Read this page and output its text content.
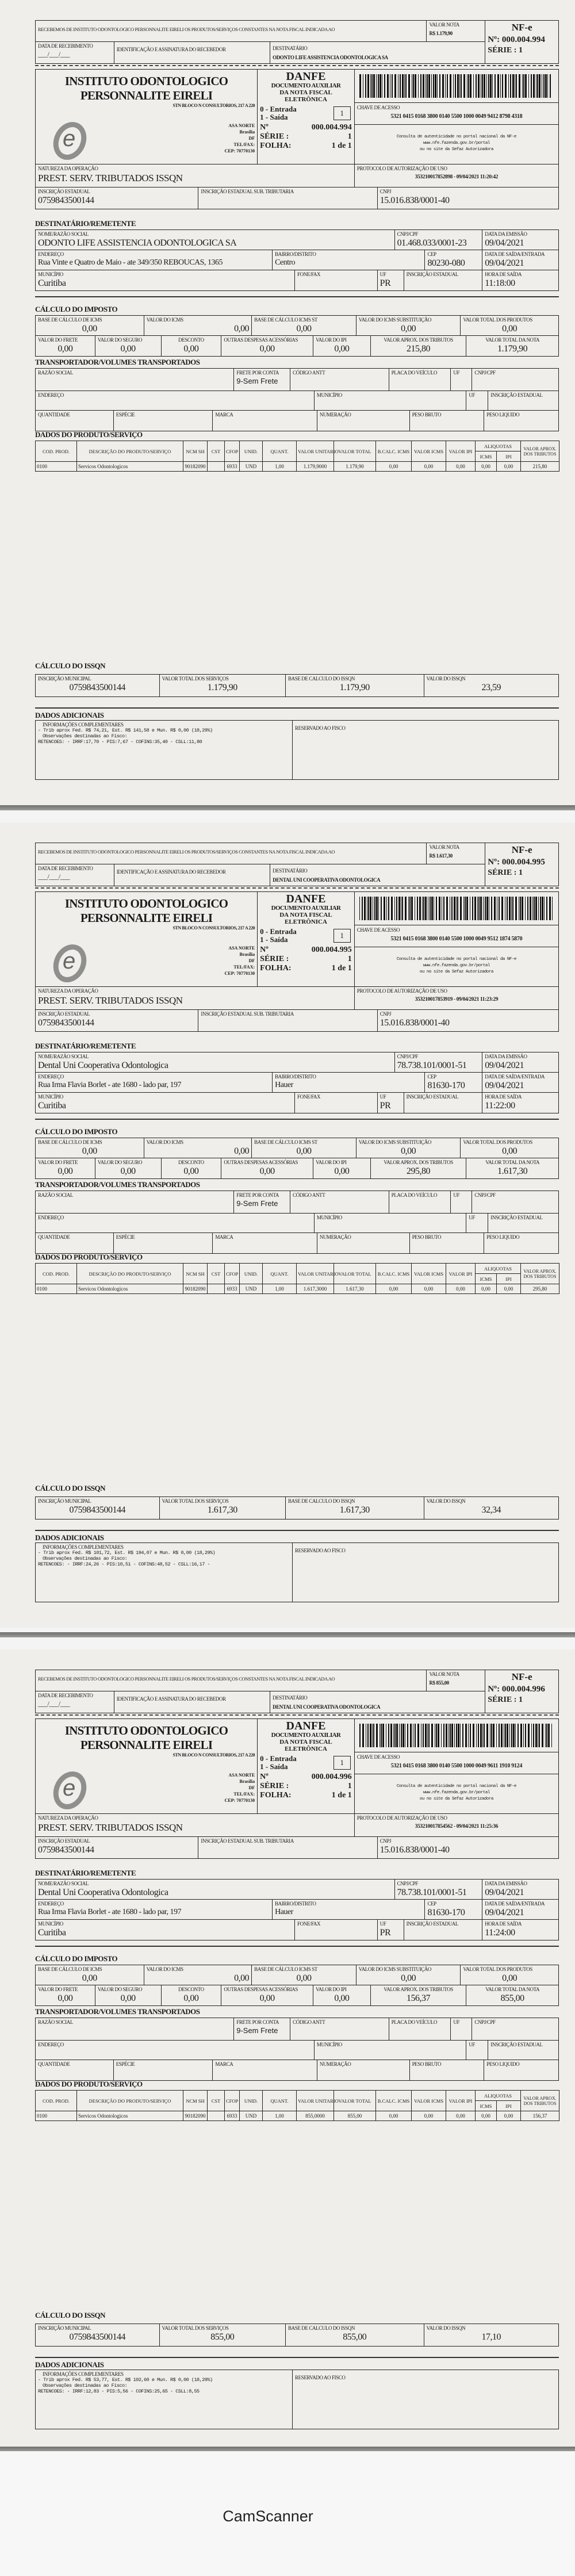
RECEBEMOS DE INSTITUTO ODONTOLOGICO PERSONNALITE EIRELI OS PRODUTOS/SERVIÇOS CONSTANTES NA NOTA FISCAL INDICADA AO
VALOR NOTA
R$ 1.179,90
NF-e
DATA DE RECEBIMENTO
___/___/___
IDENTIFICAÇÃO E ASSINATURA DO RECEBEDOR	DESTINATÁRIO
ODONTO LIFE ASSISTENCIA ODONTOLOGICA SA
Nº: 000.004.994
SÉRIE : 1
INSTITUTO ODONTOLOGICO
PERSONNALITE EIRELI
STN BLOCO N CONSULTORIOS, 217 A 220
e
ASA NORTE
Brasilia
DF
TEL/FAX:
CEP: 70770130
DANFE
DOCUMENTO AUXILIAR
DA NOTA FISCAL
ELETRÔNICA
0 - Entrada
1 - Saída	1
Nº	000.004.994
SÉRIE :	1
FOLHA:	1 de 1
CHAVE DE ACESSO
5321 0415 0168 3800 0140 5500 1000 0049 9412 8798 4318
Consulta de autenticidade no portal nacional da NF-e
www.nfe.fazenda.gov.br/portal
ou no site da Sefaz Autorizadora
NATUREZA DA OPERAÇÃO
PREST. SERV. TRIBUTADOS ISSQN
PROTOCOLO DE AUTORIZAÇÃO DE USO
353210017852898 - 09/04/2021 11:20:42
INSCRIÇÃO ESTADUAL
0759843500144
INSCRIÇÃO ESTADUAL SUB. TRIBUTARIA	CNPJ
15.016.838/0001-40
DESTINATÁRIO/REMETENTE
NOME/RAZÃO SOCIAL
ODONTO LIFE ASSISTENCIA ODONTOLOGICA SA
CNPJ/CPF
01.468.033/0001-23
DATA DA EMISSÃO
09/04/2021
ENDEREÇO
Rua Vinte e Quatro de Maio - ate 349/350 REBOUCAS, 1365
BAIRRO/DISTRITO
Centro
CEP
80230-080
DATA DE SAÍDA/ENTRADA
09/04/2021
MUNICÍPIO
Curitiba
FONE/FAX	UF
PR
INSCRIÇÃO ESTADUAL	HORA DE SAÍDA
11:18:00
CÁLCULO DO IMPOSTO
BASE DE CÁLCULO DE ICMS
0,00
VALOR DO ICMS
0,00
BASE DE CÁLCULO ICMS ST
0,00
VALOR DO ICMS SUBSTITUIÇÃO
0,00
VALOR TOTAL DOS PRODUTOS
0,00
VALOR DO FRETE
0,00
VALOR DO SEGURO
0,00
DESCONTO
0,00
OUTRAS DESPESAS ACESSÓRIAS
0,00
VALOR DO IPI
0,00
VALOR APROX. DOS TRIBUTOS
215,80
VALOR TOTAL DA NOTA
1.179,90
TRANSPORTADOR/VOLUMES TRANSPORTADOS
RAZÃO SOCIAL	FRETE POR CONTA
9-Sem Frete
CÓDIGO ANTT	PLACA DO VEÍCULO	UF	CNPJ/CPF
ENDEREÇO	MUNICÍPIO	UF	INSCRIÇÃO ESTADUAL
QUANTIDADE	ESPÉCIE	MARCA	NUMERAÇÃO	PESO BRUTO	PESO LIQUIDO
DADOS DO PRODUTO/SERVIÇO
COD. PROD.	DESCRIÇÃO DO PRODUTO/SERVIÇO	NCM SH	CST	CFOP	UNID.	QUANT.	VALOR UNITARIO	VALOR TOTAL	B.CALC. ICMS	VALOR ICMS	VALOR IPI	ALIQUOTAS		VALOR APROX. DOS TRIBUTOS
												ICMS	IPI	
0100	Servicos Odontologicos	90182090		6933	UND	1,00	1.179,9000	1.179,90	0,00	0,00	0,00	0,00	0,00	215,80
CÁLCULO DO ISSQN
INSCRIÇÃO MUNICIPAL
0759843500144
VALOR TOTAL DOS SERVIÇOS
1.179,90
BASE DE CALCULO DO ISSQN
1.179,90
VALOR DO ISSQN
23,59
DADOS ADICIONAIS
INFORMAÇÕES COMPLEMENTARES
- Trib aprox Fed. R$ 74,21, Est. R$ 141,58 e Mun. R$ 0,00 (18,29%)
Observações destinadas ao Fisco:
RETENCOES: - IRRF:17,70 - PIS:7,67 - COFINS:35,40 - CSLL:11,80
RESERVADO AO FISCO
RECEBEMOS DE INSTITUTO ODONTOLOGICO PERSONNALITE EIRELI OS PRODUTOS/SERVIÇOS CONSTANTES NA NOTA FISCAL INDICADA AO
VALOR NOTA
R$ 1.617,30
NF-e
DATA DE RECEBIMENTO
___/___/___
IDENTIFICAÇÃO E ASSINATURA DO RECEBEDOR	DESTINATÁRIO
DENTAL UNI COOPERATIVA ODONTOLOGICA
Nº: 000.004.995
SÉRIE : 1
INSTITUTO ODONTOLOGICO
PERSONNALITE EIRELI
STN BLOCO N CONSULTORIOS, 217 A 220
e
ASA NORTE
Brasilia
DF
TEL/FAX:
CEP: 70770130
DANFE
DOCUMENTO AUXILIAR
DA NOTA FISCAL
ELETRÔNICA
0 - Entrada
1 - Saída	1
Nº	000.004.995
SÉRIE :	1
FOLHA:	1 de 1
CHAVE DE ACESSO
5321 0415 0168 3800 0140 5500 1000 0049 9512 1874 5870
Consulta de autenticidade no portal nacional da NF-e
www.nfe.fazenda.gov.br/portal
ou no site da Sefaz Autorizadora
NATUREZA DA OPERAÇÃO
PREST. SERV. TRIBUTADOS ISSQN
PROTOCOLO DE AUTORIZAÇÃO DE USO
353210017853919 - 09/04/2021 11:23:29
INSCRIÇÃO ESTADUAL
0759843500144
INSCRIÇÃO ESTADUAL SUB. TRIBUTARIA	CNPJ
15.016.838/0001-40
DESTINATÁRIO/REMETENTE
NOME/RAZÃO SOCIAL
Dental Uni Cooperativa Odontologica
CNPJ/CPF
78.738.101/0001-51
DATA DA EMISSÃO
09/04/2021
ENDEREÇO
Rua Irma Flavia Borlet - ate 1680 - lado par, 197
BAIRRO/DISTRITO
Hauer
CEP
81630-170
DATA DE SAÍDA/ENTRADA
09/04/2021
MUNICÍPIO
Curitiba
FONE/FAX	UF
PR
INSCRIÇÃO ESTADUAL	HORA DE SAÍDA
11:22:00
CÁLCULO DO IMPOSTO
BASE DE CÁLCULO DE ICMS
0,00
VALOR DO ICMS
0,00
BASE DE CÁLCULO ICMS ST
0,00
VALOR DO ICMS SUBSTITUIÇÃO
0,00
VALOR TOTAL DOS PRODUTOS
0,00
VALOR DO FRETE
0,00
VALOR DO SEGURO
0,00
DESCONTO
0,00
OUTRAS DESPESAS ACESSÓRIAS
0,00
VALOR DO IPI
0,00
VALOR APROX. DOS TRIBUTOS
295,80
VALOR TOTAL DA NOTA
1.617,30
TRANSPORTADOR/VOLUMES TRANSPORTADOS
RAZÃO SOCIAL	FRETE POR CONTA
9-Sem Frete
CÓDIGO ANTT	PLACA DO VEÍCULO	UF	CNPJ/CPF
ENDEREÇO	MUNICÍPIO	UF	INSCRIÇÃO ESTADUAL
QUANTIDADE	ESPÉCIE	MARCA	NUMERAÇÃO	PESO BRUTO	PESO LIQUIDO
DADOS DO PRODUTO/SERVIÇO
COD. PROD.	DESCRIÇÃO DO PRODUTO/SERVIÇO	NCM SH	CST	CFOP	UNID.	QUANT.	VALOR UNITARIO	VALOR TOTAL	B.CALC. ICMS	VALOR ICMS	VALOR IPI	ALIQUOTAS		VALOR APROX. DOS TRIBUTOS
												ICMS	IPI	
0100	Servicos Odontologicos	90182090		6933	UND	1,00	1.617,3000	1.617,30	0,00	0,00	0,00	0,00	0,00	295,80
CÁLCULO DO ISSQN
INSCRIÇÃO MUNICIPAL
0759843500144
VALOR TOTAL DOS SERVIÇOS
1.617,30
BASE DE CALCULO DO ISSQN
1.617,30
VALOR DO ISSQN
32,34
DADOS ADICIONAIS
INFORMAÇÕES COMPLEMENTARES
- Trib aprox Fed. R$ 101,72, Est. R$ 194,07 e Mun. R$ 0,00 (18,29%)
Observações destinadas ao Fisco:
RETENCOES: - IRRF:24,26 - PIS:10,51 - COFINS:48,52 - CSLL:16,17 -
RESERVADO AO FISCO
RECEBEMOS DE INSTITUTO ODONTOLOGICO PERSONNALITE EIRELI OS PRODUTOS/SERVIÇOS CONSTANTES NA NOTA FISCAL INDICADA AO
VALOR NOTA
R$ 855,00
NF-e
DATA DE RECEBIMENTO
___/___/___
IDENTIFICAÇÃO E ASSINATURA DO RECEBEDOR	DESTINATÁRIO
DENTAL UNI COOPERATIVA ODONTOLOGICA
Nº: 000.004.996
SÉRIE : 1
INSTITUTO ODONTOLOGICO
PERSONNALITE EIRELI
STN BLOCO N CONSULTORIOS, 217 A 220
e
ASA NORTE
Brasilia
DF
TEL/FAX:
CEP: 70770130
DANFE
DOCUMENTO AUXILIAR
DA NOTA FISCAL
ELETRÔNICA
0 - Entrada
1 - Saída	1
Nº	000.004.996
SÉRIE :	1
FOLHA:	1 de 1
CHAVE DE ACESSO
5321 0415 0168 3800 0140 5500 1000 0049 9611 1910 9124
Consulta de autenticidade no portal nacional da NF-e
www.nfe.fazenda.gov.br/portal
ou no site da Sefaz Autorizadora
NATUREZA DA OPERAÇÃO
PREST. SERV. TRIBUTADOS ISSQN
PROTOCOLO DE AUTORIZAÇÃO DE USO
353210017854562 - 09/04/2021 11:25:36
INSCRIÇÃO ESTADUAL
0759843500144
INSCRIÇÃO ESTADUAL SUB. TRIBUTARIA	CNPJ
15.016.838/0001-40
DESTINATÁRIO/REMETENTE
NOME/RAZÃO SOCIAL
Dental Uni Cooperativa Odontologica
CNPJ/CPF
78.738.101/0001-51
DATA DA EMISSÃO
09/04/2021
ENDEREÇO
Rua Irma Flavia Borlet - ate 1680 - lado par, 197
BAIRRO/DISTRITO
Hauer
CEP
81630-170
DATA DE SAÍDA/ENTRADA
09/04/2021
MUNICÍPIO
Curitiba
FONE/FAX	UF
PR
INSCRIÇÃO ESTADUAL	HORA DE SAÍDA
11:24:00
CÁLCULO DO IMPOSTO
BASE DE CÁLCULO DE ICMS
0,00
VALOR DO ICMS
0,00
BASE DE CÁLCULO ICMS ST
0,00
VALOR DO ICMS SUBSTITUIÇÃO
0,00
VALOR TOTAL DOS PRODUTOS
0,00
VALOR DO FRETE
0,00
VALOR DO SEGURO
0,00
DESCONTO
0,00
OUTRAS DESPESAS ACESSÓRIAS
0,00
VALOR DO IPI
0,00
VALOR APROX. DOS TRIBUTOS
156,37
VALOR TOTAL DA NOTA
855,00
TRANSPORTADOR/VOLUMES TRANSPORTADOS
RAZÃO SOCIAL	FRETE POR CONTA
9-Sem Frete
CÓDIGO ANTT	PLACA DO VEÍCULO	UF	CNPJ/CPF
ENDEREÇO	MUNICÍPIO	UF	INSCRIÇÃO ESTADUAL
QUANTIDADE	ESPÉCIE	MARCA	NUMERAÇÃO	PESO BRUTO	PESO LIQUIDO
DADOS DO PRODUTO/SERVIÇO
COD. PROD.	DESCRIÇÃO DO PRODUTO/SERVIÇO	NCM SH	CST	CFOP	UNID.	QUANT.	VALOR UNITARIO	VALOR TOTAL	B.CALC. ICMS	VALOR ICMS	VALOR IPI	ALIQUOTAS		VALOR APROX. DOS TRIBUTOS
												ICMS	IPI	
0100	Servicos Odontologicos	90182090		6933	UND	1,00	855,0000	855,00	0,00	0,00	0,00	0,00	0,00	156,37
CÁLCULO DO ISSQN
INSCRIÇÃO MUNICIPAL
0759843500144
VALOR TOTAL DOS SERVIÇOS
855,00
BASE DE CALCULO DO ISSQN
855,00
VALOR DO ISSQN
17,10
DADOS ADICIONAIS
INFORMAÇÕES COMPLEMENTARES
- Trib aprox Fed. R$ 53,77, Est. R$ 102,60 e Mun. R$ 0,00 (18,29%)
Observações destinadas ao Fisco:
RETENCOES: - IRRF:12,83 - PIS:5,56 - COFINS:25,65 - CSLL:8,55
RESERVADO AO FISCO
CamScanner
